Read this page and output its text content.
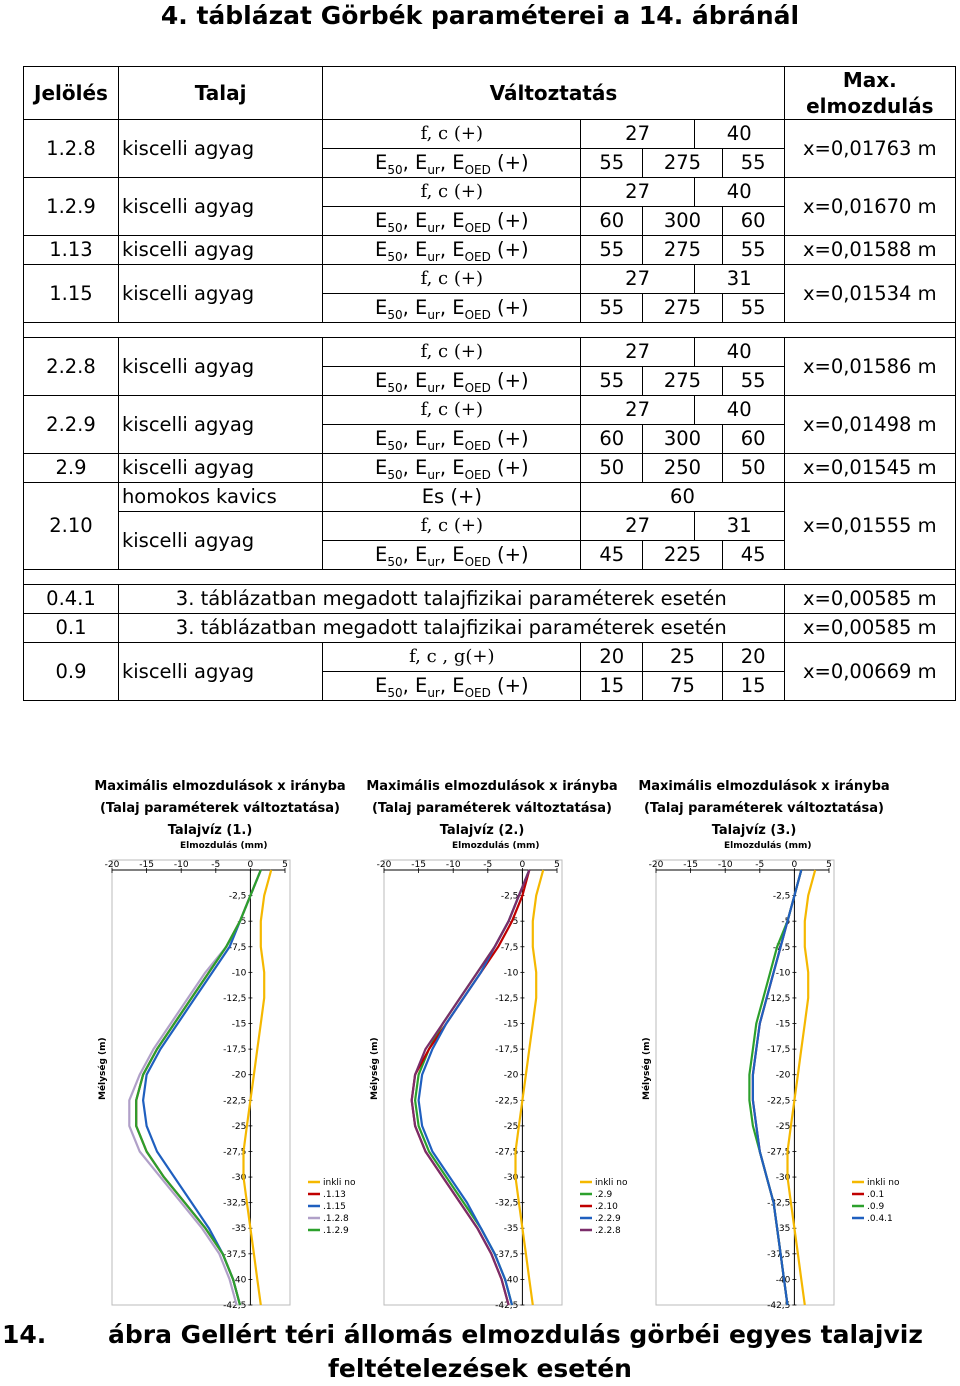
4. táblázat Görbék paraméterei a 14. ábránál
Jelölés	Talaj	Változtatás					Max. elmozdulás
1.2.8	kiscelli agyag	f, c (+)	27		40		x=0,01763 m
		$E_{50}$, $E_{ur}$, $E_{OED}$ (+)	55	275		55	
1.2.9	kiscelli agyag	f, c (+)	27		40		x=0,01670 m
		$E_{50}$, $E_{ur}$, $E_{OED}$ (+)	60	300		60	
1.13	kiscelli agyag	$E_{50}$, $E_{ur}$, $E_{OED}$ (+)	55	275		55	x=0,01588 m
1.15	kiscelli agyag	f, c (+)	27		31		x=0,01534 m
		$E_{50}$, $E_{ur}$, $E_{OED}$ (+)	55	275		55	

2.2.8	kiscelli agyag	f, c (+)	27		40		x=0,01586 m
		$E_{50}$, $E_{ur}$, $E_{OED}$ (+)	55	275		55	
2.2.9	kiscelli agyag	f, c (+)	27		40		x=0,01498 m
		$E_{50}$, $E_{ur}$, $E_{OED}$ (+)	60	300		60	
2.9	kiscelli agyag	$E_{50}$, $E_{ur}$, $E_{OED}$ (+)	50	250		50	x=0,01545 m
2.10	homokos kavics	Es (+)	60				x=0,01555 m
	kiscelli agyag	f, c (+)	27		31		
		$E_{50}$, $E_{ur}$, $E_{OED}$ (+)	45	225		45	

0.4.1	3. táblázatban megadott talajfizikai paraméterek esetén						x=0,00585 m
0.1	3. táblázatban megadott talajfizikai paraméterek esetén						x=0,00585 m
0.9	kiscelli agyag	f, c , g(+)	20	25		20	x=0,00669 m
		$E_{50}$, $E_{ur}$, $E_{OED}$ (+)	15	75		15	
Maximális elmozdulások x irányba
(Talaj paraméterek változtatása)
Talajvíz (1.)
Elmozdulás (mm)
Mélység (m)
-20 -15 -10	-5	0	5
-2,5
-5
-7,5
-10
-12,5
-15
-17,5
-20
-22,5
-25
-27,5
-30
-32,5
-35
-37,5
-40
-42,5
inkli no
.1.13
.1.15
.1.2.8
.1.2.9
Maximális elmozdulások x irányba
(Talaj paraméterek változtatása)
Talajvíz (2.)
Elmozdulás (mm)
Mélység (m)
-20 -15 -10	-5	0	5
-2,5
-5
-7,5
-10
-12,5
-15
-17,5
-20
-22,5
-25
-27,5
-30
-32,5
-35
-37,5
-40
-42,5
inkli no
.2.9
.2.10
.2.2.9
.2.2.8
Maximális elmozdulások x irányba
(Talaj paraméterek változtatása)
Talajvíz (3.)
Elmozdulás (mm)
Mélység (m)
-20 -15 -10	-5	0	5
-2,5
-5
-7,5
-10
-12,5
-15
-17,5
-20
-22,5
-25
-27,5
-30
-32,5
-35
-37,5
-40
-42,5
inkli no
.0.1
.0.9
.0.4.1
14. ábra Gellért téri állomás elmozdulás görbéi egyes talajviz
feltételezések esetén
